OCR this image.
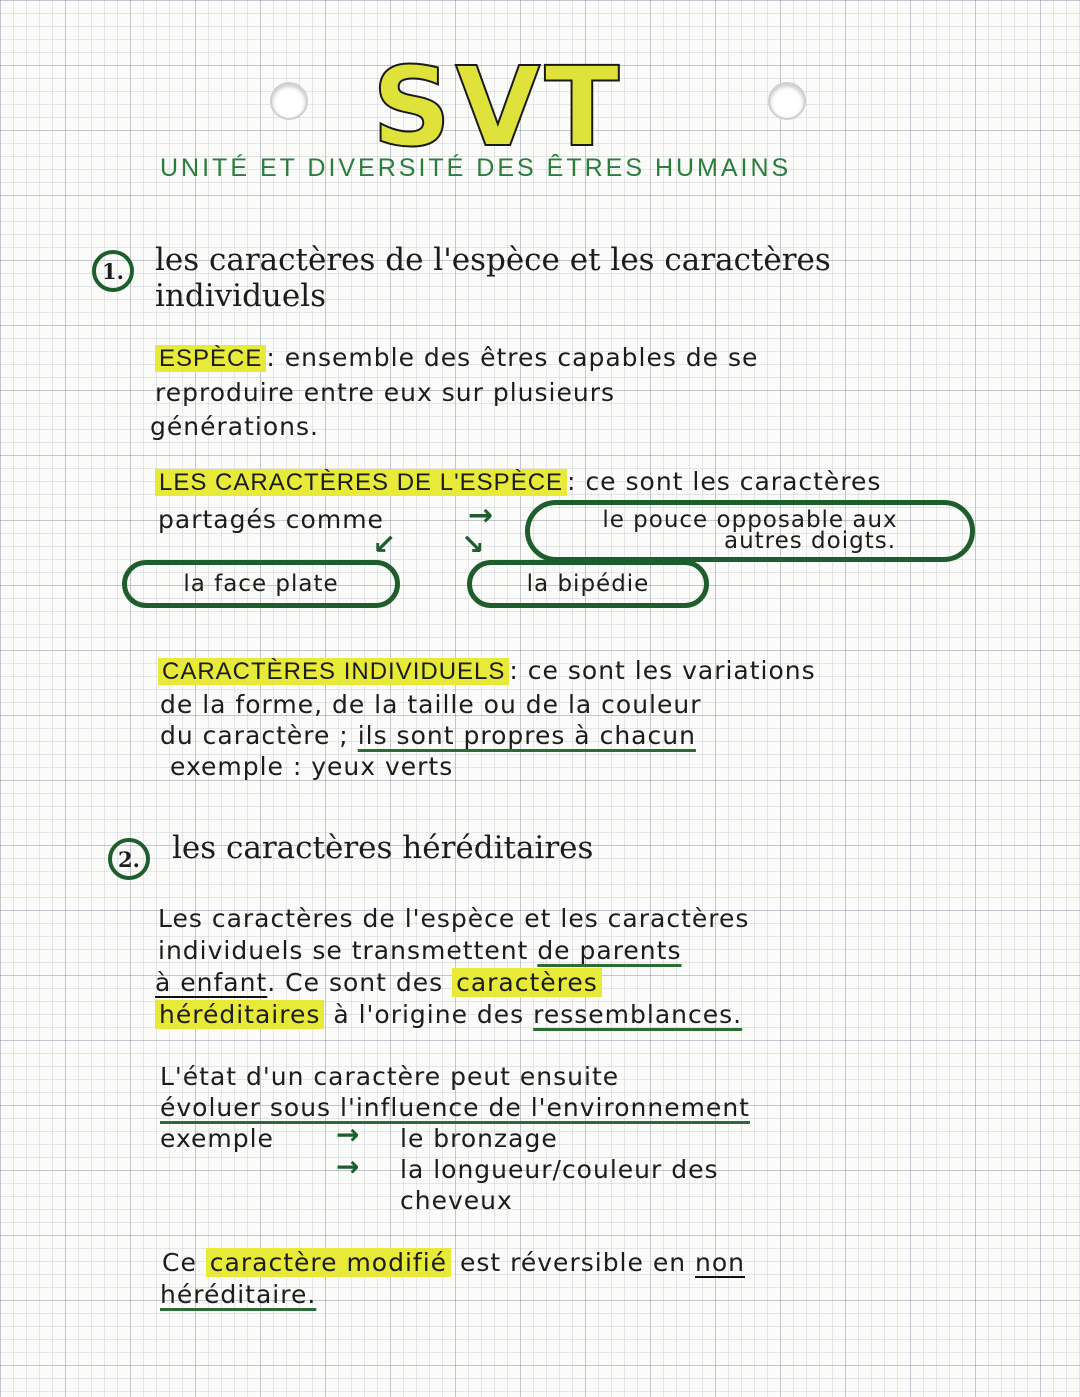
SVT
UNITÉ ET DIVERSITÉ DES ÊTRES HUMAINS
1.	les caractères de l'espèce et les caractères
individuels
ESPÈCE : ensemble des êtres capables de se
reproduire entre eux sur plusieurs
générations.
LES CARACTÈRES DE L'ESPÈCE : ce sont les caractères
partagés comme	→
↓ ↓
le pouce opposable aux
autres doigts.
la face plate	la bipédie
CARACTÈRES INDIVIDUELS : ce sont les variations
de la forme, de la taille ou de la couleur
du caractère ; ils sont propres à chacun
exemple : yeux verts
2.	les caractères héréditaires
Les caractères de l'espèce et les caractères
individuels se transmettent de parents
à enfant. Ce sont des caractères
héréditaires à l'origine des ressemblances.
L'état d'un caractère peut ensuite
évoluer sous l'influence de l'environnement
exemple → le bronzage
→ la longueur/couleur des
cheveux
Ce caractère modifié est réversible en non
héréditaire.
